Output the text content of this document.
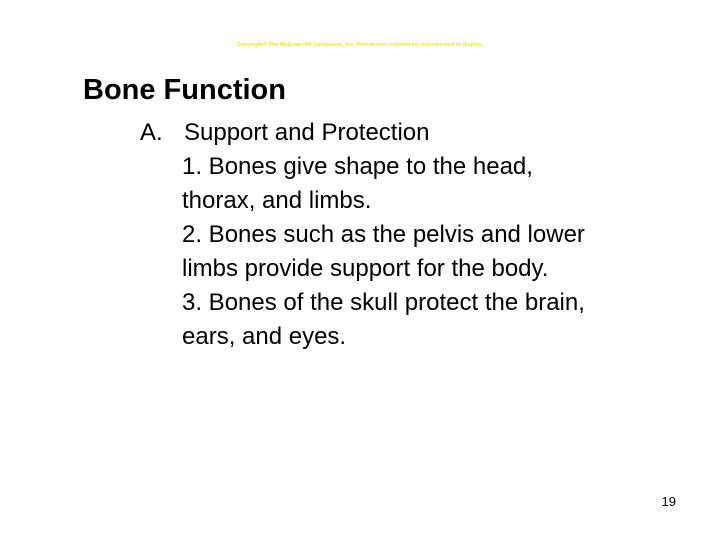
Copyright© The McGraw-Hill Companies, Inc. Permission required for reproduction or display.
Bone Function
A. Support and Protection
1. Bones give shape to the head, thorax, and limbs.
2. Bones such as the pelvis and lower limbs provide support for the body.
3. Bones of the skull protect the brain, ears, and eyes.
19
